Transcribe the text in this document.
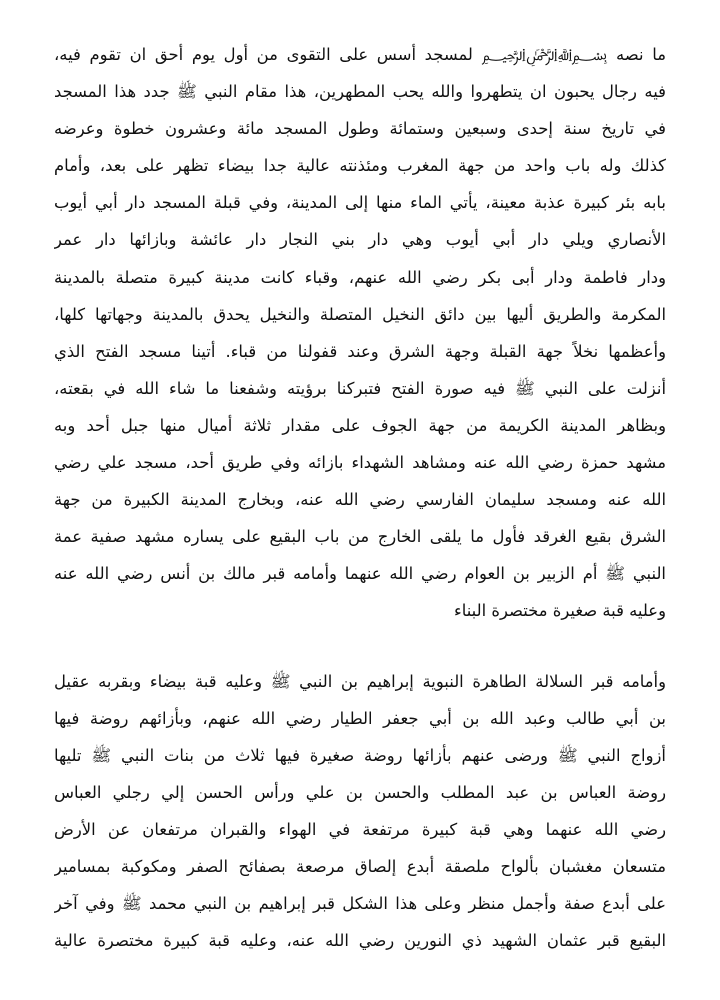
ما نصه ﷽ لمسجد أسس على التقوى من أول يوم أحق ان تقوم فيه،
فيه رجال يحبون ان يتطهروا والله يحب المطهرين، هذا مقام النبي ﷺ جدد هذا المسجد
في تاريخ سنة إحدى وسبعين وستمائة وطول المسجد مائة وعشرون خطوة وعرضه
كذلك وله باب واحد من جهة المغرب ومئذنته عالية جدا بيضاء تظهر على بعد، وأمام
بابه بئر كبيرة عذبة معينة، يأتي الماء منها إلى المدينة، وفي قبلة المسجد دار أبي أيوب
الأنصاري ويلي دار أبي أيوب وهي دار بني النجار دار عائشة وبازائها دار عمر
ودار فاطمة ودار أبى بكر رضي الله عنهم، وقباء كانت مدينة كبيرة متصلة بالمدينة
المكرمة والطريق أليها بين دائق النخيل المتصلة والنخيل يحدق بالمدينة وجهاتها كلها،
وأعظمها نخلاً جهة القبلة وجهة الشرق وعند قفولنا من قباء. أتينا مسجد الفتح الذي
أنزلت على النبي ﷺ فيه صورة الفتح فتبركنا برؤيته وشفعنا ما شاء الله في بقعته،
وبظاهر المدينة الكريمة من جهة الجوف على مقدار ثلاثة أميال منها جبل أحد وبه
مشهد حمزة رضي الله عنه ومشاهد الشهداء بازائه وفي طريق أحد، مسجد علي رضي
الله عنه ومسجد سليمان الفارسي رضي الله عنه، وبخارج المدينة الكبيرة من جهة
الشرق بقيع الغرقد فأول ما يلقى الخارج من باب البقيع على يساره مشهد صفية عمة
النبي ﷺ أم الزبير بن العوام رضي الله عنهما وأمامه قبر مالك بن أنس رضي الله عنه
وعليه قبة صغيرة مختصرة البناء
وأمامه قبر السلالة الطاهرة النبوية إبراهيم بن النبي ﷺ وعليه قبة بيضاء وبقربه عقيل
بن أبي طالب وعبد الله بن أبي جعفر الطيار رضي الله عنهم، وبأزائهم روضة فيها
أزواج النبي ﷺ ورضى عنهم بأزائها روضة صغيرة فيها ثلاث من بنات النبي ﷺ تليها
روضة العباس بن عبد المطلب والحسن بن علي ورأس الحسن إلي رجلي العباس
رضي الله عنهما وهي قبة كبيرة مرتفعة في الهواء والقبران مرتفعان عن الأرض
متسعان مغشبان بألواح ملصقة أبدع إلصاق مرصعة بصفائح الصفر ومكوكبة بمسامير
على أبدع صفة وأجمل منظر وعلى هذا الشكل قبر إبراهيم بن النبي محمد ﷺ وفي آخر
البقيع قبر عثمان الشهيد ذي النورين رضي الله عنه، وعليه قبة كبيرة مختصرة عالية
